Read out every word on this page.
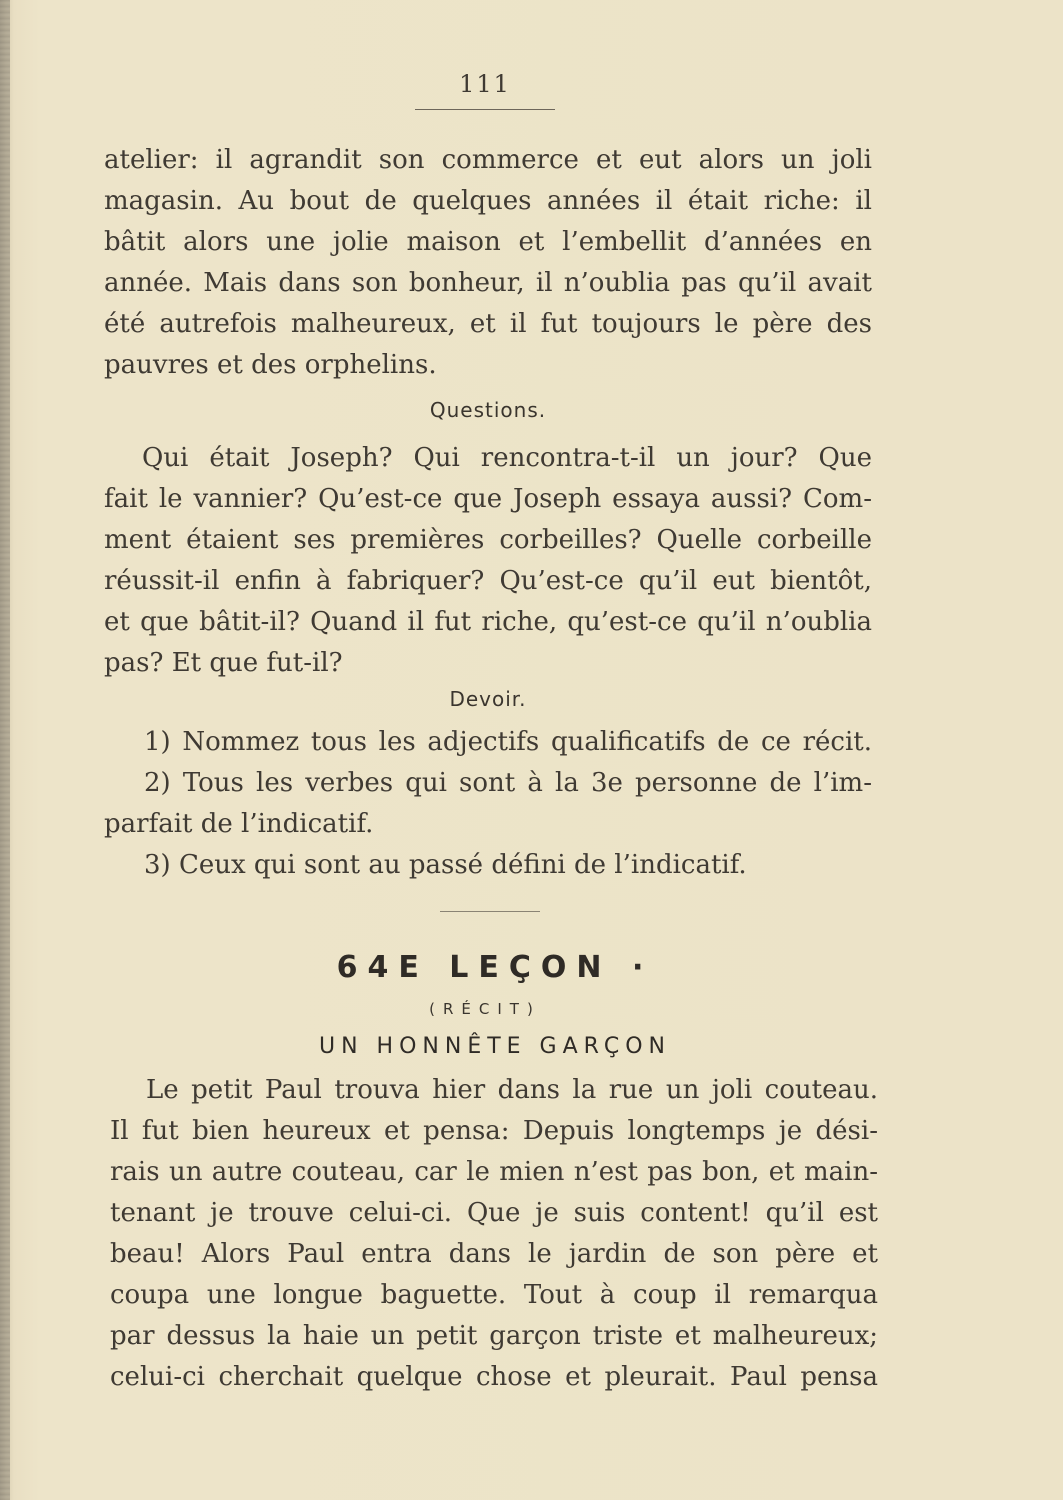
111
atelier: il agrandit son commerce et eut alors un joli
magasin. Au bout de quelques années il était riche: il
bâtit alors une jolie maison et l’embellit d’années en
année. Mais dans son bonheur, il n’oublia pas qu’il avait
été autrefois malheureux, et il fut toujours le père des
pauvres et des orphelins.
Questions.
Qui était Joseph? Qui rencontra-t-il un jour? Que
fait le vannier? Qu’est-ce que Joseph essaya aussi? Com-
ment étaient ses premières corbeilles? Quelle corbeille
réussit-il enfin à fabriquer? Qu’est-ce qu’il eut bientôt,
et que bâtit-il? Quand il fut riche, qu’est-ce qu’il n’oublia
pas? Et que fut-il?
Devoir.
1) Nommez tous les adjectifs qualificatifs de ce récit.
2) Tous les verbes qui sont à la 3e personne de l’im-
parfait de l’indicatif.
3) Ceux qui sont au passé défini de l’indicatif.
64E LEÇON ·
(RÉCIT)
UN HONNÊTE GARÇON
Le petit Paul trouva hier dans la rue un joli couteau.
Il fut bien heureux et pensa: Depuis longtemps je dési-
rais un autre couteau, car le mien n’est pas bon, et main-
tenant je trouve celui-ci. Que je suis content! qu’il est
beau! Alors Paul entra dans le jardin de son père et
coupa une longue baguette. Tout à coup il remarqua
par dessus la haie un petit garçon triste et malheureux;
celui-ci cherchait quelque chose et pleurait. Paul pensa
